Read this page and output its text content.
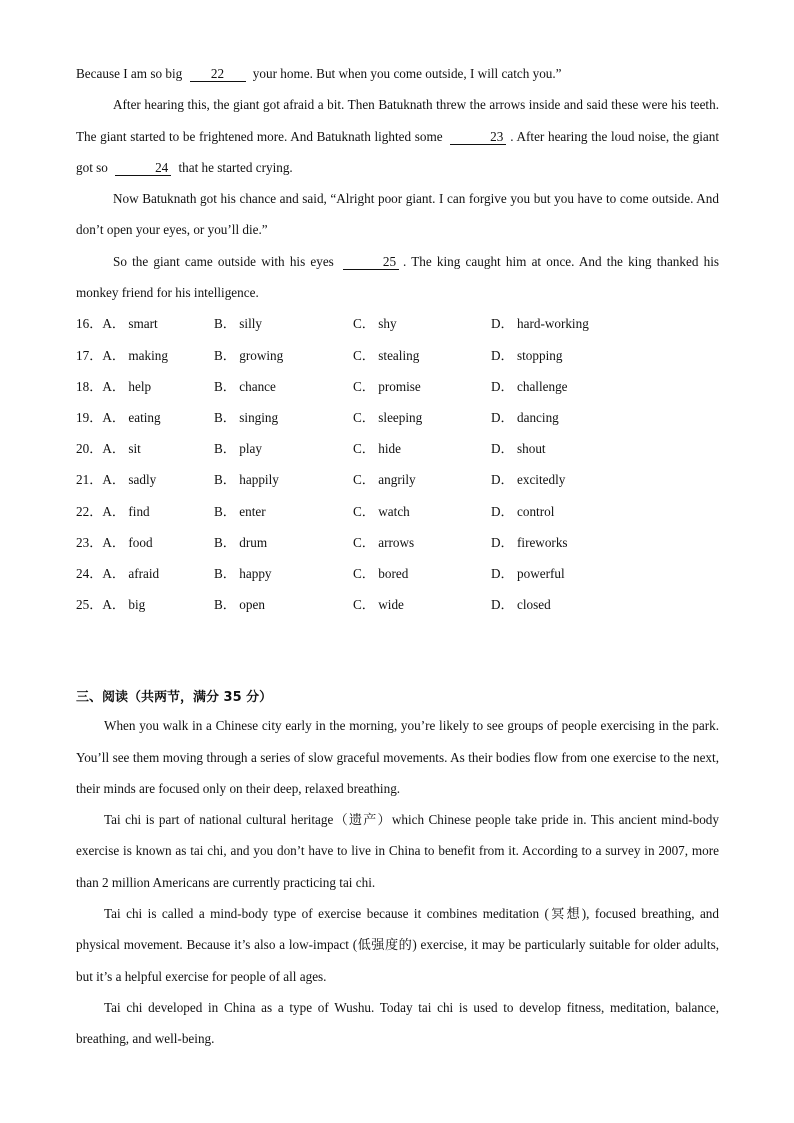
Because I am so big 22 your home. But when you come outside, I will catch you.”

After hearing this, the giant got afraid a bit. Then Batuknath threw the arrows inside and said these were his teeth. The giant started to be frightened more. And Batuknath lighted some	23 . After hearing the loud noise, the giant got so	24 that he started crying.

Now Batuknath got his chance and said, “Alright poor giant. I can forgive you but you have to come outside. And don’t open your eyes, or you’ll die.”

So the giant came outside with his eyes	25 . The king caught him at once. And the king thanked his monkey friend for his intelligence.

16．A． smart	B． silly	C． shy	D． hard-working
17．A． making	B． growing	C． stealing	D． stopping
18．A． help	B． chance	C． promise	D． challenge
19．A． eating	B． singing	C． sleeping	D． dancing
20．A． sit	B． play	C． hide	D． shout
21．A． sadly	B． happily	C． angrily	D． excitedly
22．A． find	B． enter	C． watch	D． control
23．A． food	B． drum	C． arrows	D． fireworks
24．A． afraid	B． happy	C． bored	D． powerful
25．A． big	B． open	C． wide	D． closed
三、阅读（共两节，满分 35 分）

When you walk in a Chinese city early in the morning, you’re likely to see groups of people exercising in the park. You’ll see them moving through a series of slow graceful movements. As their bodies flow from one exercise to the next, their minds are focused only on their deep, relaxed breathing.

Tai chi is part of national cultural heritage（遗产）which Chinese people take pride in. This ancient mind-body exercise is known as tai chi, and you don’t have to live in China to benefit from it. According to a survey in 2007, more than 2 million Americans are currently practicing tai chi.

Tai chi is called a mind-body type of exercise because it combines meditation (冥想), focused breathing, and physical movement. Because it’s also a low-impact (低强度的) exercise, it may be particularly suitable for older adults, but it’s a helpful exercise for people of all ages.

Tai chi developed in China as a type of Wushu. Today tai chi is used to develop fitness, meditation, balance, breathing, and well-being.
